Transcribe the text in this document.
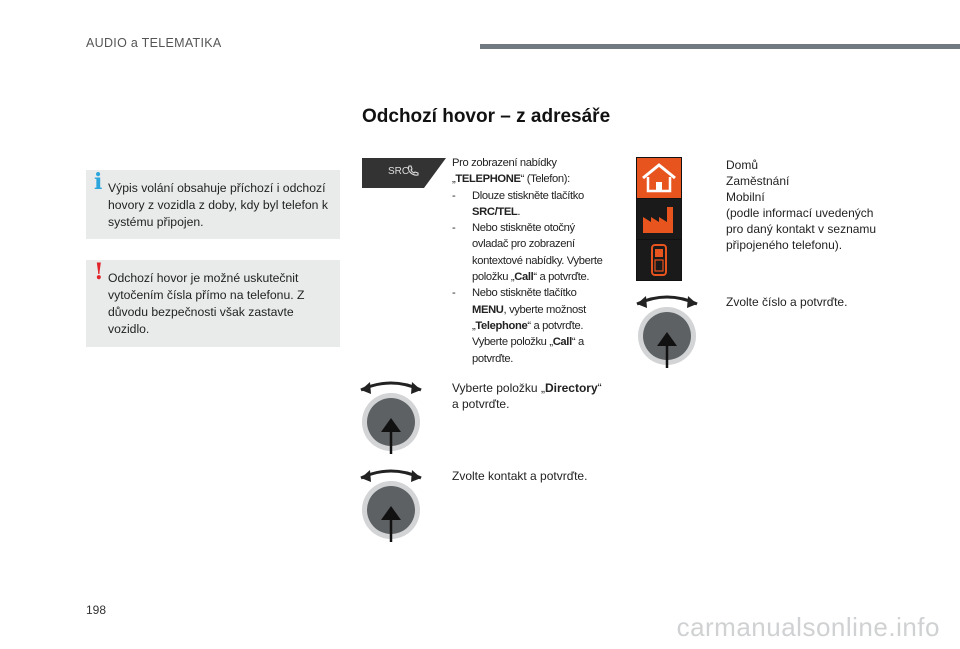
AUDIO a TELEMATIKA
Odchozí hovor – z adresáře
i Výpis volání obsahuje příchozí i odchozí hovory z vozidla z doby, kdy byl telefon k systému připojen.
! Odchozí hovor je možné uskutečnit vytočením čísla přímo na telefonu. Z důvodu bezpečnosti však zastavte vozidlo.
SRC
Pro zobrazení nabídky
„TELEPHONE“ (Telefon):
-	Dlouze stiskněte tlačítko
SRC/TEL.
-	Nebo stiskněte otočný
ovladač pro zobrazení
kontextové nabídky. Vyberte
položku „Call“ a potvrďte.
-	Nebo stiskněte tlačítko
MENU, vyberte možnost
„Telephone“ a potvrďte.
Vyberte položku „Call“ a
potvrďte.
Vyberte položku „Directory“
a potvrďte.
Zvolte kontakt a potvrďte.
Domů
Zaměstnání
Mobilní
(podle informací uvedených
pro daný kontakt v seznamu
připojeného telefonu).
Zvolte číslo a potvrďte.
198
carmanualsonline.info
